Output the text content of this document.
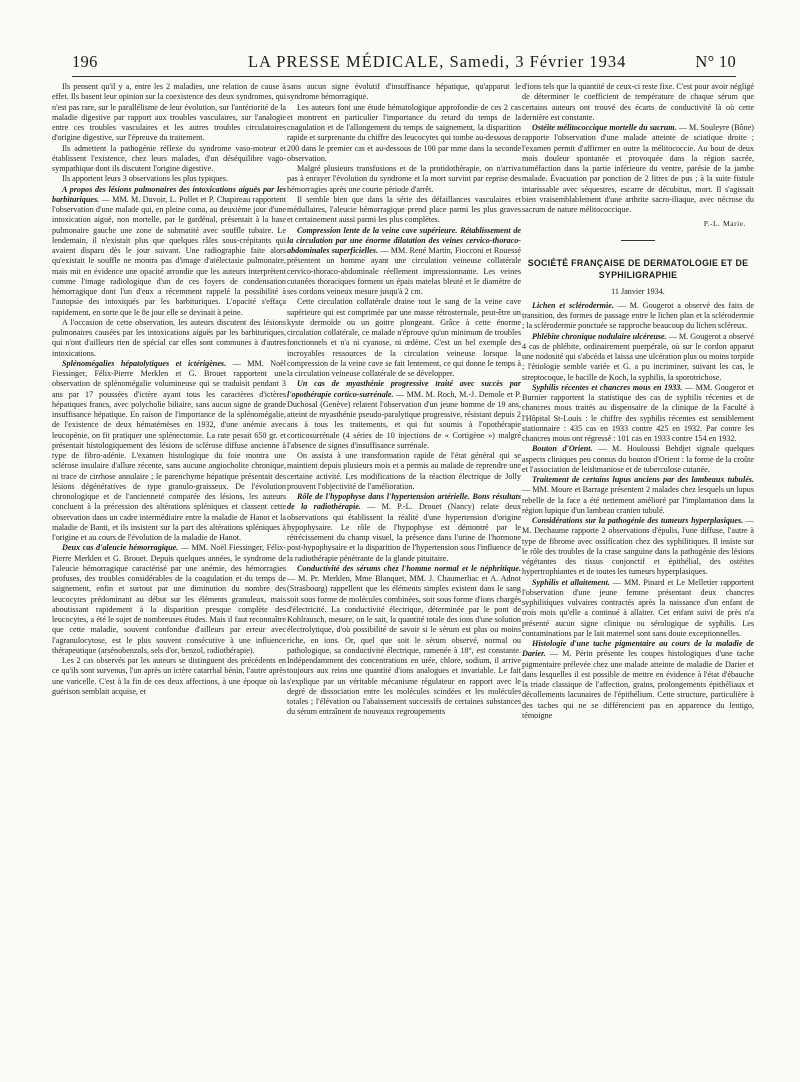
196	LA PRESSE MÉDICALE, Samedi, 3 Février 1934	N° 10

Ils pensent qu'il y a, entre les 2 maladies, une relation de cause à effet. Ils basent leur opinion sur la coexistence des deux syndromes, qui n'est pas rare, sur le parallélisme de leur évolution, sur l'antériorité de la maladie digestive par rapport aux troubles vasculaires, sur l'analogie entre ces troubles vasculaires et les autres troubles circulatoires d'origine digestive, sur l'épreuve du traitement.

Ils admettent la pathogénie réflexe du syndrome vaso-moteur et établissent l'existence, chez leurs malades, d'un déséquilibre vago-sympathique dont ils discutent l'origine digestive.

Ils apportent leurs 3 observations les plus typiques.

A propos des lésions pulmonaires des intoxications aiguës par les barbituriques. — MM. M. Duvoir, L. Pollet et P. Chapireau rapportent l'observation d'une malade qui, en pleine coma, au deuxième jour d'une intoxication aiguë, non mortelle, par le gardénal, présentait à la base pulmonaire gauche une zone de submatité avec souffle tubaire. Le lendemain, il n'existait plus que quelques râles sous-crépitants qui avaient disparu dès le jour suivant. Une radiographie faite alors qu'existait le souffle ne montra pas d'image d'atélectasie pulmonaire, mais mit en évidence une opacité arrondie que les auteurs interprètent comme l'image radiologique d'un de ces foyers de condensation hémorragique dont l'un d'eux a récemment rappelé la possibilité à l'autopsie des intoxiqués par les barbituriques. L'opacité s'effaça rapidement, en sorte que le 8e jour elle se devinait à peine.

A l'occasion de cette observation, les auteurs discutent des lésions pulmonaires causées par les intoxications aiguës par les barbituriques, qui n'ont d'ailleurs rien de spécial car elles sont communes à d'autres intoxications.

Splénomégalies hépatolytiques et ictérigènes. — MM. Noël Fiessinger, Félix-Pierre Merklen et G. Brouet rapportent une observation de splénomégalie volumineuse qui se traduisit pendant 3 ans par 17 poussées d'ictère ayant tous les caractères d'ictères hépatiques francs, avec polycholie biliaire, sans aucun signe de grande insuffisance hépatique. En raison de l'importance de la splénomégalie, de l'existence de deux hématémèses en 1932, d'une anémie avec leucopénie, on fit pratiquer une splénectomie. La rate pesait 650 gr. et présentait histologiquement des lésions de sclérose diffuse ancienne à type de fibro-adénie. L'examen histologique du foie montra une sclérose insulaire d'allure récente, sans aucune angiocholite chronique, ni trace de cirrhose annulaire ; le parenchyme hépatique présentait des lésions dégénératives de type granulo-graisseux. De l'évolution chronologique et de l'ancienneté comparée des lésions, les auteurs concluent à la précession des altérations spléniques et classent cette observation dans un cadre intermédiaire entre la maladie de Hanot et la maladie de Banti, et ils insistent sur la part des altérations spléniques à l'origine et au cours de l'évolution de la maladie de Hanot.

Deux cas d'aleucie hémorragique. — MM. Noël Fiessinger, Félix-Pierre Merklen et G. Brouet. Depuis quelques années, le syndrome de l'aleucie hémorragique caractérisé par une anémie, des hémorragies profuses, des troubles considérables de la coagulation et du temps de saignement, enfin et surtout par une diminution du nombre des leucocytes prédominant au début sur les éléments granuleux, mais aboutissant rapidement à la disparition presque complète des leucocytes, a été le sujet de nombreuses études. Mais il faut reconnaître que cette maladie, souvent confondue d'ailleurs par erreur avec l'agranulocytose, est le plus souvent consécutive à une influence thérapeutique (arsénobenzols, sels d'or, benzol, radiothérapie).

Les 2 cas observés par les auteurs se distinguent des précédents en ce qu'ils sont survenus, l'un après un ictère catarrhal bénin, l'autre après une varicelle. C'est à la fin de ces deux affections, à une époque où la guérison semblait acquise, et

sans aucun signe évolutif d'insuffisance hépatique, qu'apparut le syndrome hémorragique.

Les auteurs font une étude hématologique approfondie de ces 2 cas et montrent en particulier l'importance du retard du temps de la coagulation et de l'allongement du temps de saignement, la disparition rapide et surprenante du chiffre des leucocytes qui tombe au-dessous de 200 dans le premier cas et au-dessous de 100 par mme dans la seconde observation.

Malgré plusieurs transfusions et de la protidothérapie, on n'arriva pas à enrayer l'évolution du syndrome et la mort survint par reprise des hémorragies après une courte période d'arrêt.

Il semble bien que dans la série des défaillances vasculaires et médullaires, l'aleucie hémorragique prend place parmi les plus graves et certainement aussi parmi les plus complètes.

Compression lente de la veine cave supérieure. Rétablissement de la circulation par une énorme dilatation des veines cervico-thoraco-abdominales superficielles. — MM. René Martin, Fiocconi et Rouessé présentent un homme ayant une circulation veineuse collatérale cervico-thoraco-abdominale réellement impressionnante. Les veines cutanées thoraciques forment un épais matelas bleuté et le diamètre de ses cordons veineux mesure jusqu'à 2 cm.

Cette circulation collatérale draine tout le sang de la veine cave supérieure qui est comprimée par une masse rétrosternale, peut-être un kyste dermoïde ou un goitre plongeant. Grâce à cette énorme circulation collatérale, ce malade n'éprouve qu'un minimum de troubles fonctionnels et n'a ni cyanose, ni œdème. C'est un bel exemple des incroyables ressources de la circulation veineuse lorsque la compression de la veine cave se fait lentement, ce qui donne le temps à la circulation veineuse collatérale de se développer.

Un cas de myasthénie progressive traité avec succès par l'opothérapie cortico-surrénale. — MM. M. Roch, M.-J. Demole et P. Duchosal (Genève) relatent l'observation d'un jeune homme de 19 ans, atteint de myasthénie pseudo-paralytique progressive, résistant depuis 2 ans à tous les traitements, et qui fut soumis à l'opothérapie corticosurrénale (4 séries de 10 injections de « Cortigène ») malgré l'absence de signes d'insuffisance surrénale.

On assista à une transformation rapide de l'état général qui se maintient depuis plusieurs mois et a permis au malade de reprendre une certaine activité. Les modifications de la réaction électrique de Jolly prouvent l'objectivité de l'amélioration.

Rôle de l'hypophyse dans l'hypertension artérielle. Bons résultats de la radiothérapie. — M. P.-L. Drouet (Nancy) relate deux observations qui établissent la réalité d'une hypertension d'origine hypophysaire. Le rôle de l'hypophyse est démontré par le rétrécissement du champ visuel, la présence dans l'urine de l'hormone post-hypophysaire et la disparition de l'hypertension sous l'influence de la radiothérapie pénétrante de la glande pituitaire.

Conductivité des sérums chez l'homme normal et le néphritique. — M. Pr. Merklen, Mme Blanquet, MM. J. Chaumerliac et A. Adnot (Strasbourg) rappellent que les éléments simples existent dans le sang soit sous forme de molécules combinées, soit sous forme d'ions chargés d'électricité. La conductivité électrique, déterminée par le pont de Kohlrausch, mesure, on le sait, la quantité totale des ions d'une solution électrolytique, d'où possibilité de savoir si le sérum est plus ou moins riche, en ions. Or, quel que soit le sérum observé, normal ou pathologique, sa conductivité électrique, ramenée à 18°, est constante. Indépendamment des concentrations en urée, chlore, sodium, il arrive toujours aux reins une quantité d'ions analogues et invariable. Le fait s'explique par un véritable mécanisme régulateur en rapport avec le degré de dissociation entre les molécules scindées et les molécules totales ; l'élévation ou l'abaissement successifs de certaines substances du sérum entraînent de nouveaux regroupements

d'ions tels que la quantité de ceux-ci reste fixe. C'est pour avoir négligé de déterminer le coefficient de température de chaque sérum que certains auteurs ont trouvé des écarts de conductivité là où cette dernière est constante.

Ostéite mélitococcique mortelle du sacrum. — M. Souleyre (Bône) rapporte l'observation d'une malade atteinte de sciatique droite ; l'examen permit d'affirmer en outre la mélitococcie. Au bout de deux mois douleur spontanée et provoquée dans la région sacrée, tuméfaction dans la partie inférieure du ventre, parésie de la jambe malade. Évacuation par ponction de 2 litres de pus ; à la suite fistule intarissable avec séquestres, escarre de décubitus, mort. Il s'agissait bien vraisemblablement d'une arthrite sacro-iliaque, avec nécrose du sacrum de nature mélitococcique.

P.-L. Marie.
SOCIÉTÉ FRANÇAISE DE DERMATOLOGIE ET DE SYPHILIGRAPHIE
11 Janvier 1934.

Lichen et sclérodermie. — M. Gougerot a observé des faits de transition, des formes de passage entre le lichen plan et la sclérodermie ; la sclérodermie ponctuée se rapproche beaucoup du lichen scléreux.

Phlébite chronique nodulaire ulcéreuse. — M. Gougerot a observé 4 cas de phlébite, ordinairement puerpérale, où sur le cordon apparut une nodosité qui s'abcéda et laissa une ulcération plus ou moins torpide ; l'étiologie semble variée et G. a pu incriminer, suivant les cas, le streptocoque, le bacille de Koch, la syphilis, la sporotrichose.

Syphilis récentes et chancres mous en 1933. — MM. Gougerot et Burnier rapportent la statistique des cas de syphilis récentes et de chancres mous traités au dispensaire de la clinique de la Faculté à l'Hôpital St-Louis : le chiffre des syphilis récentes est sensiblement stationnaire : 435 cas en 1933 contre 425 en 1932. Par contre les chancres mous ont régressé : 101 cas en 1933 contre 154 en 1932.

Bouton d'Orient. — M. Houloussi Behdjet signale quelques aspects cliniques peu connus du bouton d'Orient : la forme de la croûte et l'association de leishmaniose et de tuberculose cutanée.

Traitement de certains lupus anciens par des lambeaux tubulés. — MM. Moure et Barrage présentent 2 malades chez lesquels un lupus rebelle de la face a été nettement amélioré par l'implantation dans la région lupique d'un lambeau cranien tubulé.

Considérations sur la pathogénie des tumeurs hyperplasiques. — M. Dechaume rapporte 2 observations d'épulis, l'une diffuse, l'autre à type de fibrome avec ossification chez des syphilitiques. Il insiste sur le rôle des troubles de la crase sanguine dans la pathogénie des lésions végétantes des tissus conjonctif et épithélial, des ostéites hypertrophiantes et de toutes les tumeurs hyperplasiques.

Syphilis et allaitement. — MM. Pinard et Le Melletier rapportent l'observation d'une jeune femme présentant deux chancres syphilitiques vulvaires contractés après la naissance d'un enfant de trois mois qu'elle a continué à allaiter. Cet enfant suivi de près n'a présenté aucun signe clinique ou sérologique de syphilis. Les contaminations par le lait maternel sont sans doute exceptionnelles.

Histologie d'une tache pigmentaire au cours de la maladie de Darier. — M. Périn présente les coupes histologiques d'une tache pigmentaire prélevée chez une malade atteinte de maladie de Darier et dans lesquelles il est possible de mettre en évidence à l'état d'ébauche la triade classique de l'affection, grains, prolongements épithéliaux et décollements lacunaires de l'épithélium. Cette structure, particulière à des taches qui ne se différencient pas en apparence du lentigo, témoigne
